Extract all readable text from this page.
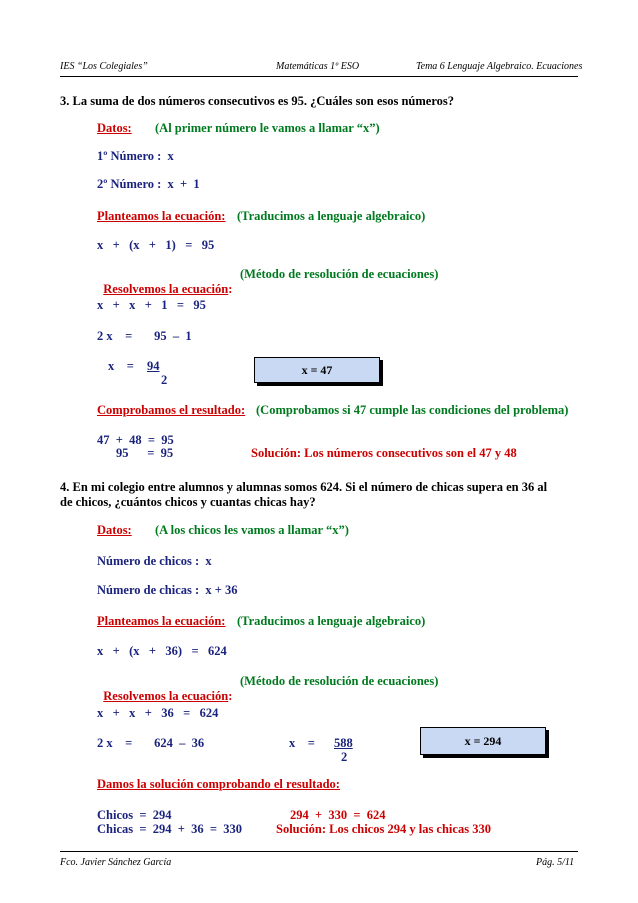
IES “Los Colegiales”	Matemáticas 1º ESO	Tema 6 Lenguaje Algebraico. Ecuaciones
3. La suma de dos números consecutivos es 95. ¿Cuáles son esos números?
Datos: (Al primer número le vamos a llamar “x”)
1º Número :  x
2º Número :  x  +  1
Planteamos la ecuación: (Traducimos a lenguaje algebraico)
x   +   (x   +   1)   =   95

Resolvemos la ecuación:

(Método de resolución de ecuaciones)
x   +   x   +   1   =   95
2 x    =       95  –  1
x    = 94
2
x = 47
Comprobamos el resultado: (Comprobamos si 47 cumple las condiciones del problema)
47  +  48  =  95
95      =  95	Solución: Los números consecutivos son el 47 y 48
4. En mi colegio entre alumnos y alumnas somos 624. Si el número de chicas supera en 36 al
de chicos, ¿cuántos chicos y cuantas chicas hay?
Datos: (A los chicos les vamos a llamar “x”)
Número de chicos :  x
Número de chicas :  x + 36
Planteamos la ecuación: (Traducimos a lenguaje algebraico)
x   +   (x   +   36)   =   624

Resolvemos la ecuación:

(Método de resolución de ecuaciones)
x   +   x   +   36   =   624
2 x    =       624  –  36	x    = 588
2
x = 294
Damos la solución comprobando el resultado:
Chicos  =  294
Chicas  =  294  +  36  =  330
294  +  330  =  624
Solución: Los chicos 294 y las chicas 330
Fco. Javier Sánchez García	Pág. 5/11
